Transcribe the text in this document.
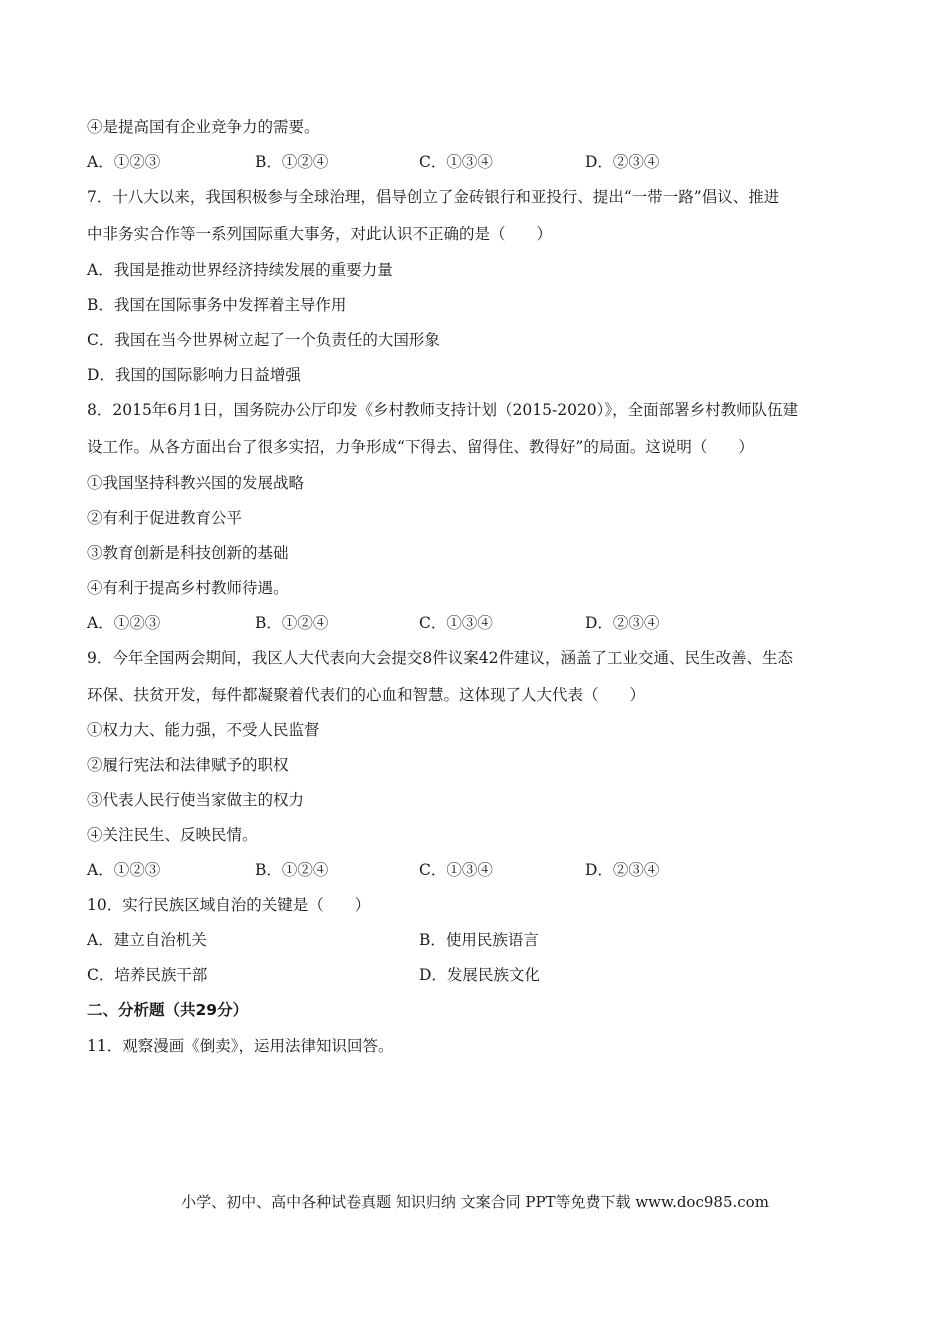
④是提高国有企业竞争力的需要。
A．①②③	B．①②④	C．①③④	D．②③④
7．十八大以来，我国积极参与全球治理，倡导创立了金砖银行和亚投行、提出“一带一路”倡议、推进
中非务实合作等一系列国际重大事务，对此认识不正确的是（　　）
A．我国是推动世界经济持续发展的重要力量
B．我国在国际事务中发挥着主导作用
C．我国在当今世界树立起了一个负责任的大国形象
D．我国的国际影响力日益增强
8．2015年6月1日，国务院办公厅印发《乡村教师支持计划（2015-2020）》，全面部署乡村教师队伍建
设工作。从各方面出台了很多实招，力争形成“下得去、留得住、教得好”的局面。这说明（　　）
①我国坚持科教兴国的发展战略
②有利于促进教育公平
③教育创新是科技创新的基础
④有利于提高乡村教师待遇。
A．①②③	B．①②④	C．①③④	D．②③④
9．今年全国两会期间，我区人大代表向大会提交8件议案42件建议，涵盖了工业交通、民生改善、生态
环保、扶贫开发，每件都凝聚着代表们的心血和智慧。这体现了人大代表（　　）
①权力大、能力强，不受人民监督
②履行宪法和法律赋予的职权
③代表人民行使当家做主的权力
④关注民生、反映民情。
A．①②③	B．①②④	C．①③④	D．②③④
10．实行民族区域自治的关键是（　　）
A．建立自治机关	B．使用民族语言
C．培养民族干部	D．发展民族文化
二、分析题（共29分）
11．观察漫画《倒卖》，运用法律知识回答。
小学、初中、高中各种试卷真题 知识归纳 文案合同 PPT等免费下载 www.doc985.com
